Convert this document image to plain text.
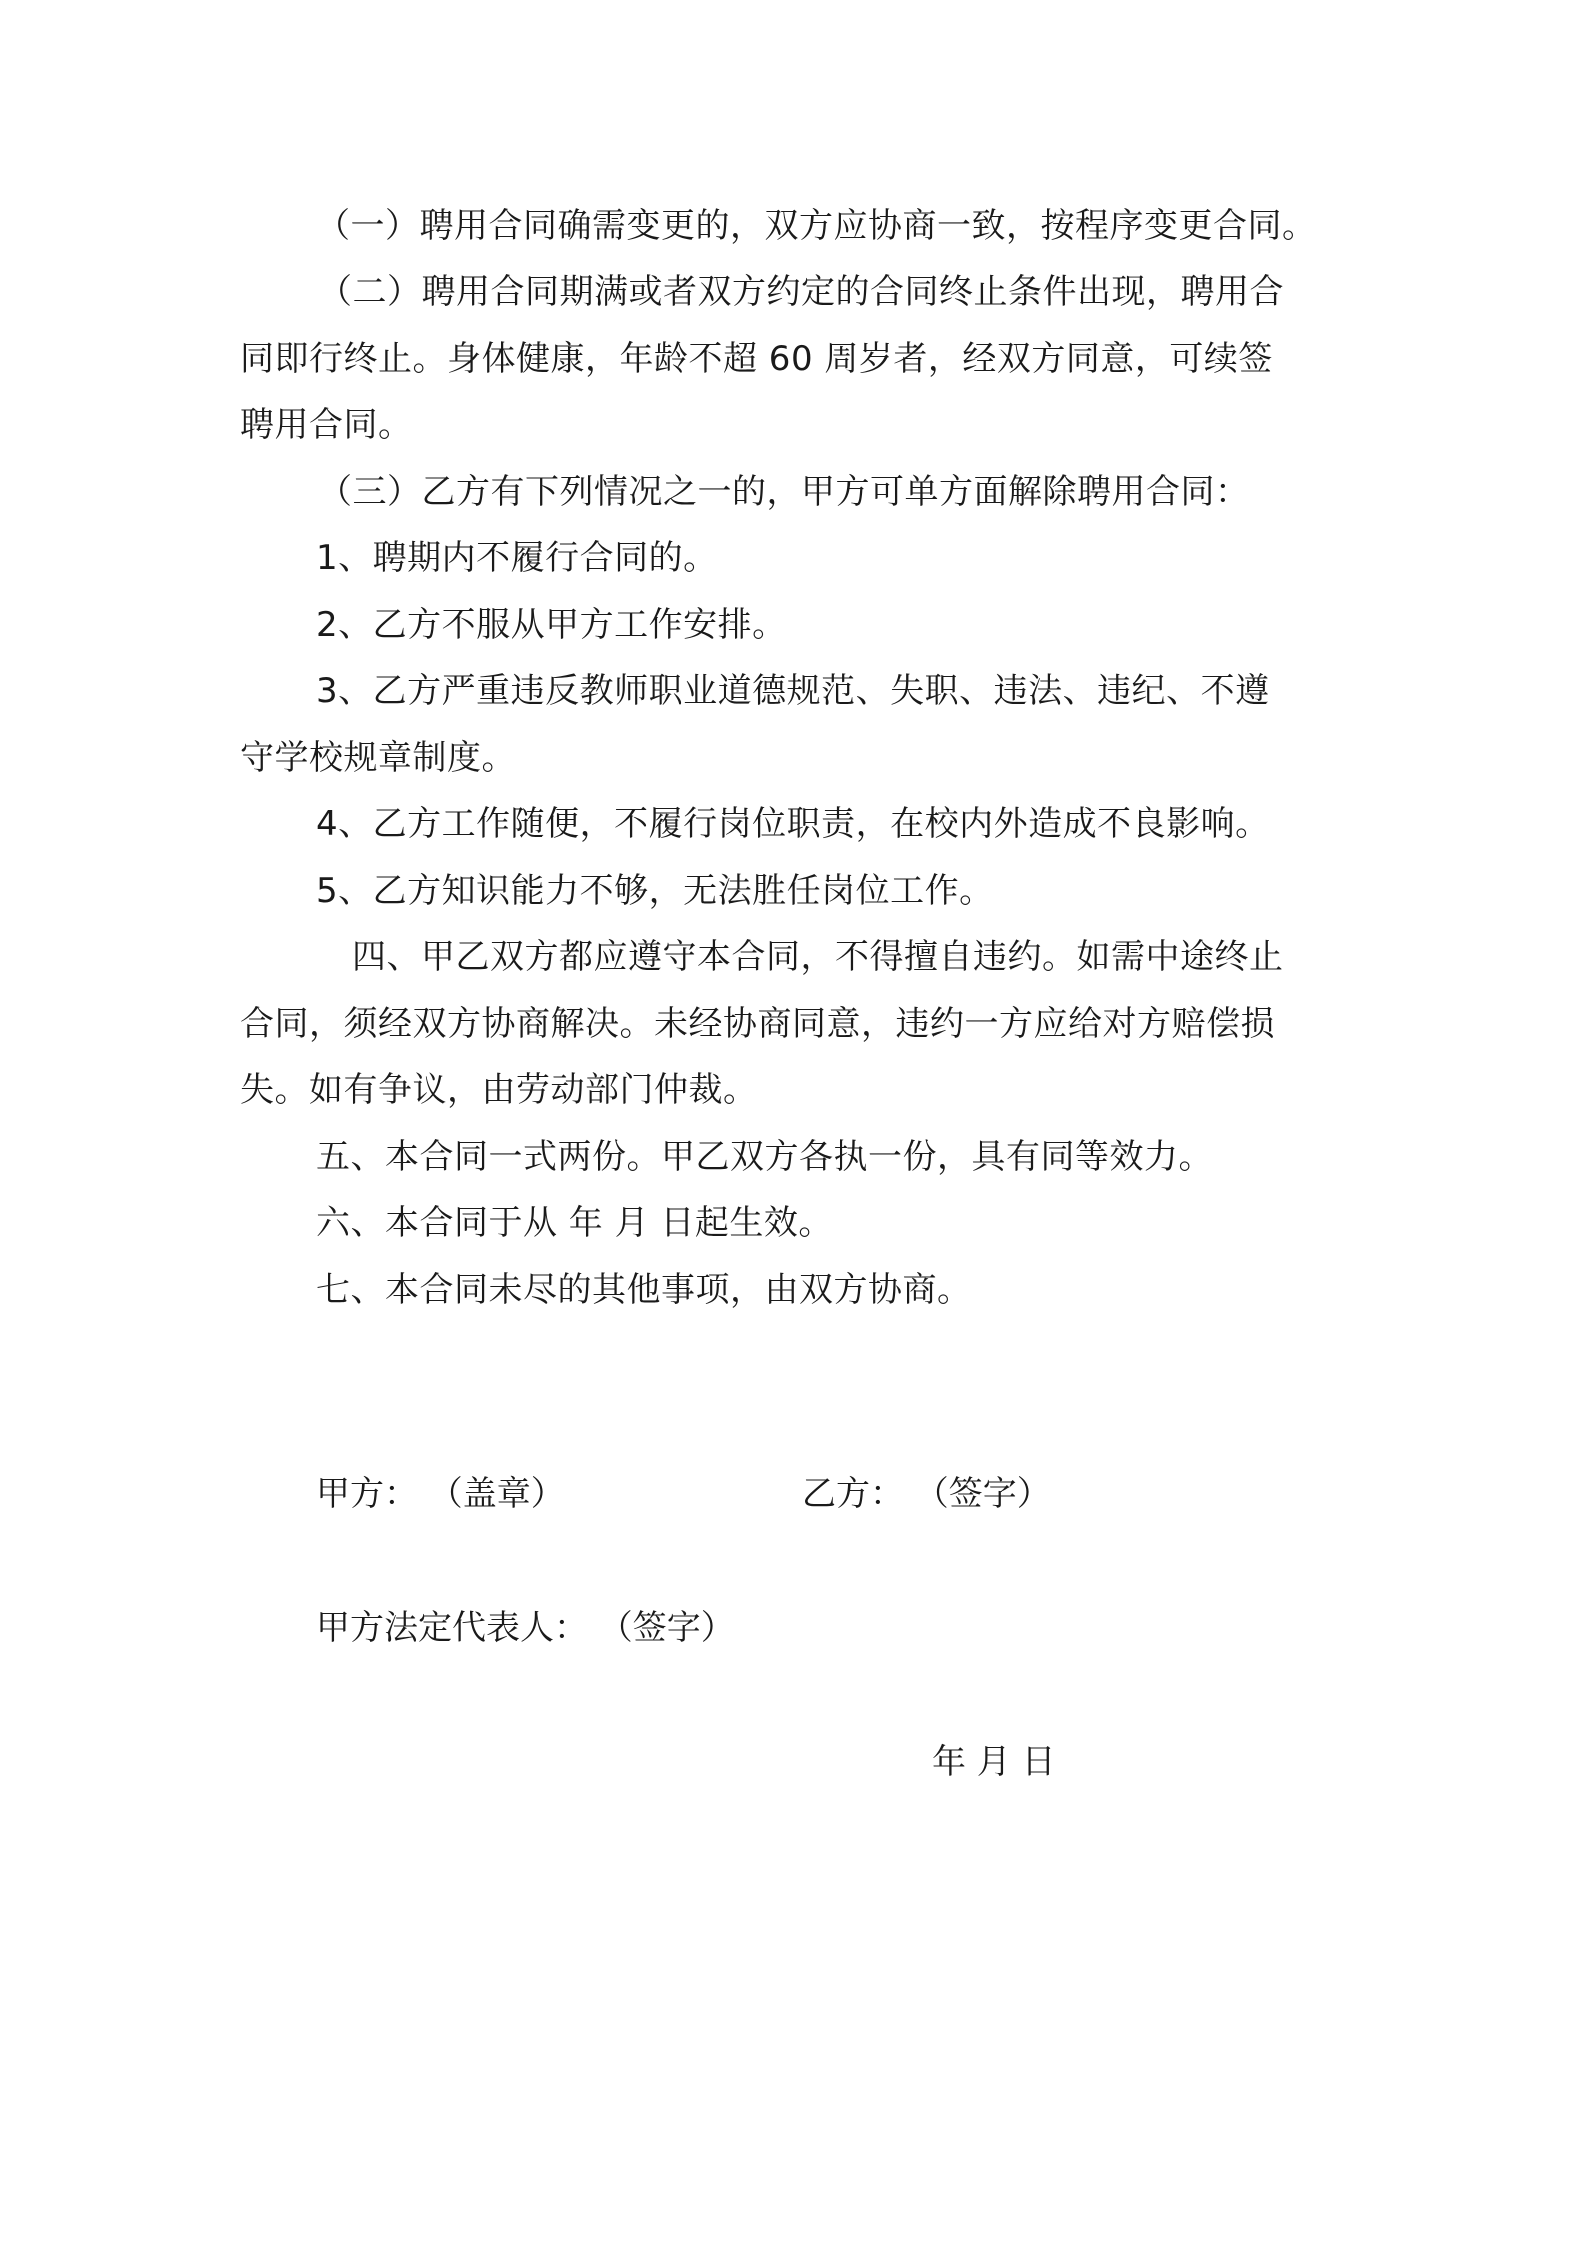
（一）聘用合同确需变更的，双方应协商一致，按程序变更合同。
（二）聘用合同期满或者双方约定的合同终止条件出现，聘用合
同即行终止。身体健康，年龄不超 60 周岁者，经双方同意，可续签
聘用合同。
（三）乙方有下列情况之一的，甲方可单方面解除聘用合同：
1、聘期内不履行合同的。
2、乙方不服从甲方工作安排。
3、乙方严重违反教师职业道德规范、失职、违法、违纪、不遵
守学校规章制度。
4、乙方工作随便，不履行岗位职责，在校内外造成不良影响。
5、乙方知识能力不够，无法胜任岗位工作。
四、甲乙双方都应遵守本合同，不得擅自违约。如需中途终止
合同，须经双方协商解决。未经协商同意，违约一方应给对方赔偿损
失。如有争议，由劳动部门仲裁。
五、本合同一式两份。甲乙双方各执一份，具有同等效力。
六、本合同于从 年 月 日起生效。
七、本合同未尽的其他事项，由双方协商。
甲方： （盖章）	乙方： （签字）
甲方法定代表人： （签字）
年 月 日
